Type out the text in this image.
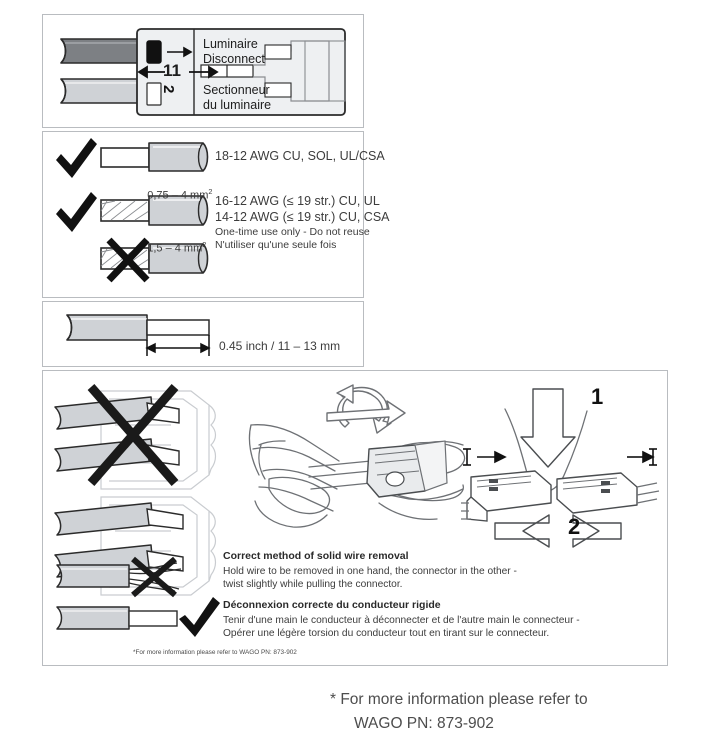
11
2
Luminaire
Disconnect
Sectionneur
du luminaire
18-12 AWG CU, SOL, UL/CSA

0,75 – 4 $mm^2$

16-12 AWG (≤ 19 str.) CU, UL
14-12 AWG (≤ 19 str.) CU, CSA
One-time use only - Do not reuse
N'utiliser qu'une seule fois

1,5 – 4 $mm^2$

0.45 inch / 11 – 13 mm
1
2
Correct method of solid wire removal
Hold wire to be removed in one hand, the connector in the other -
twist slightly while pulling the connector.
Déconnexion correcte du conducteur rigide
Tenir d'une main le conducteur à déconnecter et de l'autre main le connecteur -
Opérer une légère torsion du conducteur tout en tirant sur le connecteur.
*For more information please refer to WAGO PN: 873-902
* For more information please refer to
WAGO PN: 873-902
